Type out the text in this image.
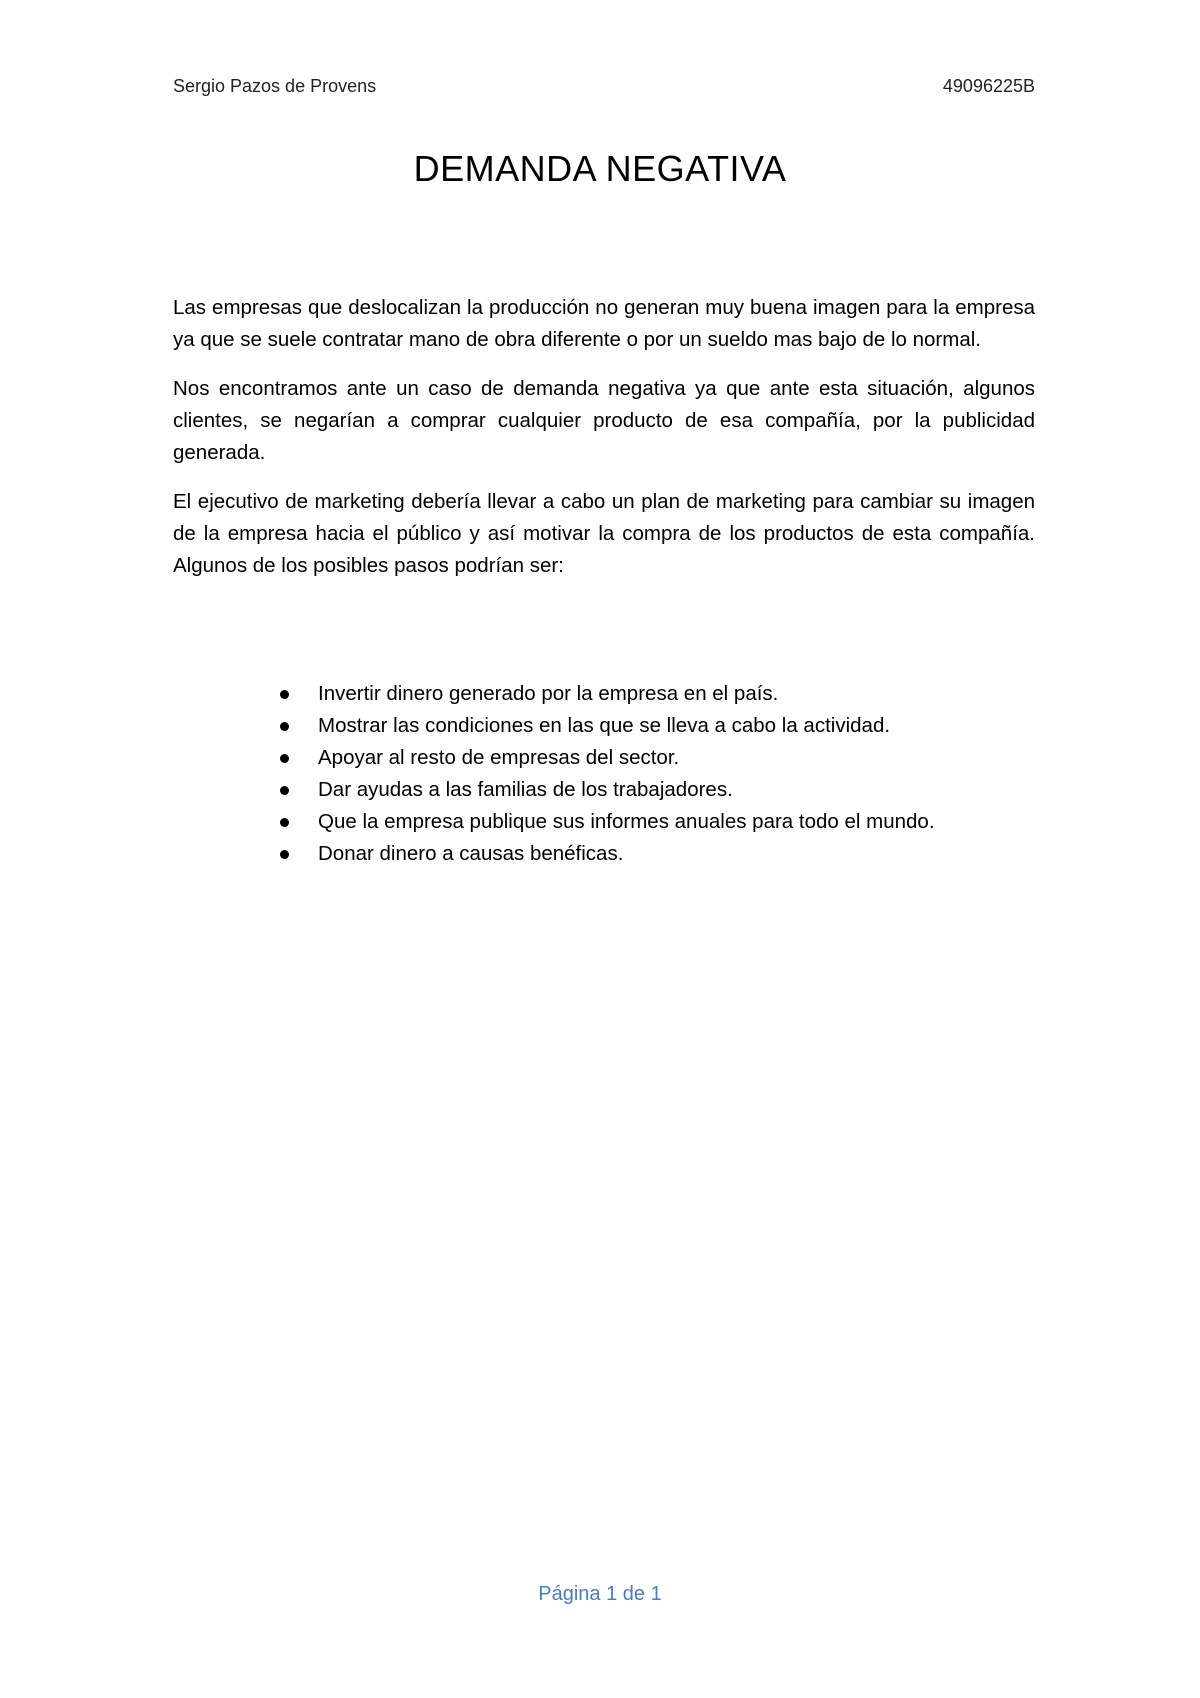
Sergio Pazos de Provens	49096225B
DEMANDA NEGATIVA

Las empresas que deslocalizan la producción no generan muy buena imagen para la empresa ya que se suele contratar mano de obra diferente o por un sueldo mas bajo de lo normal.

Nos encontramos ante un caso de demanda negativa ya que ante esta situación, algunos clientes, se negarían a comprar cualquier producto de esa compañía, por la publicidad generada.

El ejecutivo de marketing debería llevar a cabo un plan de marketing para cambiar su imagen de la empresa hacia el público y así motivar la compra de los productos de esta compañía. Algunos de los posibles pasos podrían ser:

Invertir dinero generado por la empresa en el país.
Mostrar las condiciones en las que se lleva a cabo la actividad.
Apoyar al resto de empresas del sector.
Dar ayudas a las familias de los trabajadores.
Que la empresa publique sus informes anuales para todo el mundo.
Donar dinero a causas benéficas.
Página 1 de 1
